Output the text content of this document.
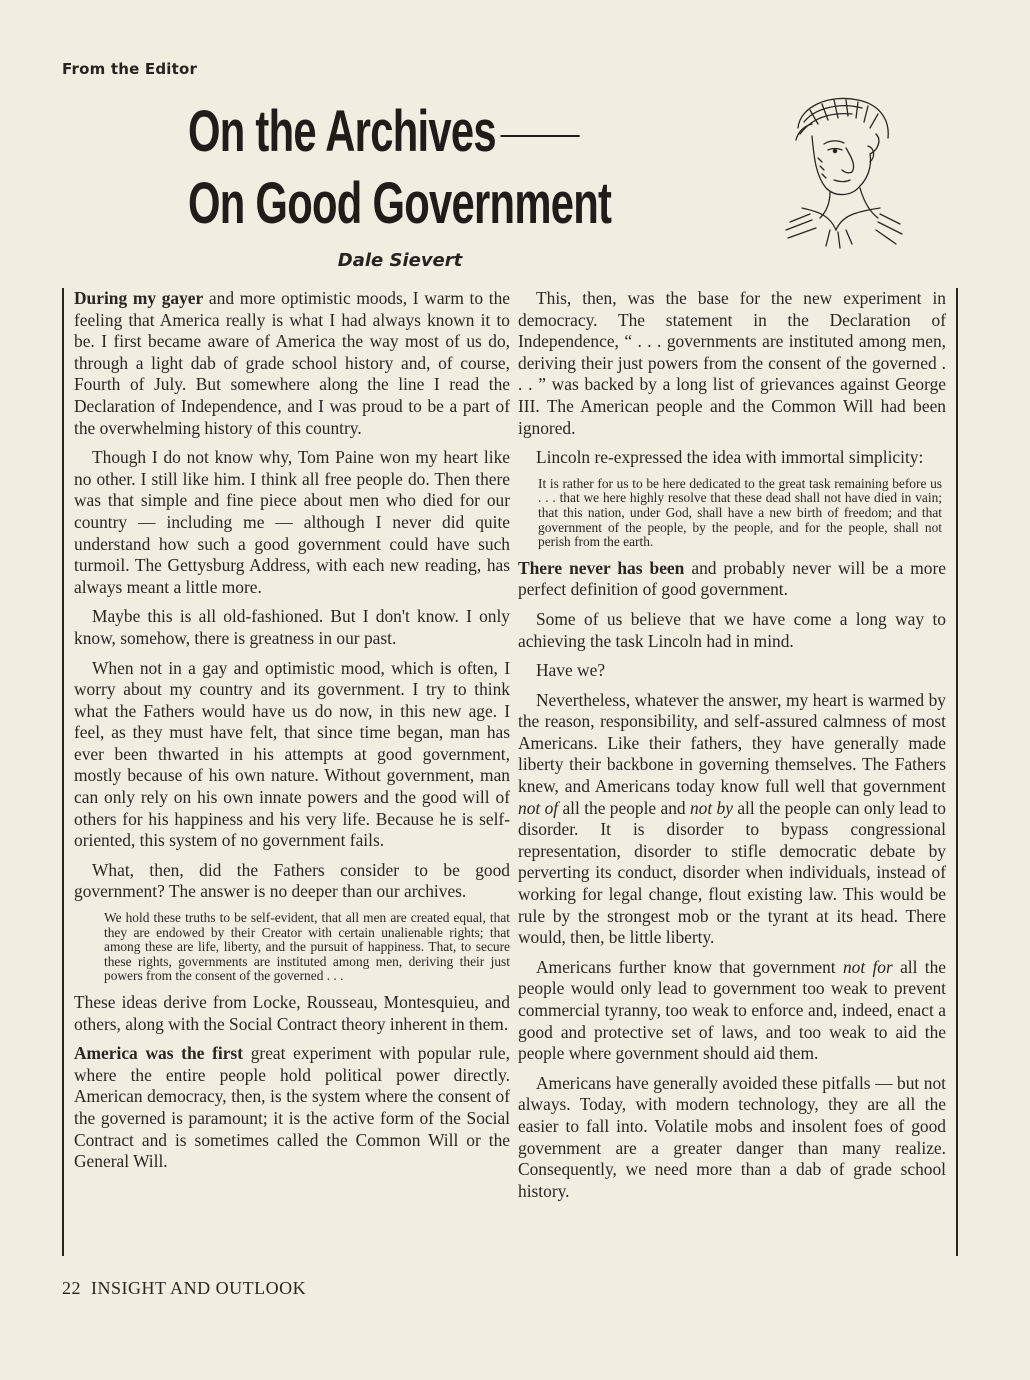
From the Editor
On the Archives
On Good Government
Dale Sievert

During my gayer and more optimistic moods, I warm to the feeling that America really is what I had always known it to be. I first became aware of America the way most of us do, through a light dab of grade school history and, of course, Fourth of July. But somewhere along the line I read the Declaration of Independence, and I was proud to be a part of the overwhelming history of this country.

Though I do not know why, Tom Paine won my heart like no other. I still like him. I think all free people do. Then there was that simple and fine piece about men who died for our country — including me — although I never did quite understand how such a good government could have such turmoil. The Gettysburg Address, with each new reading, has always meant a little more.

Maybe this is all old-fashioned. But I don't know. I only know, somehow, there is greatness in our past.

When not in a gay and optimistic mood, which is often, I worry about my country and its government. I try to think what the Fathers would have us do now, in this new age. I feel, as they must have felt, that since time began, man has ever been thwarted in his attempts at good government, mostly because of his own nature. Without government, man can only rely on his own innate powers and the good will of others for his happiness and his very life. Because he is self-oriented, this system of no government fails.

What, then, did the Fathers consider to be good government? The answer is no deeper than our archives.

We hold these truths to be self-evident, that all men are created equal, that they are endowed by their Creator with certain unalienable rights; that among these are life, liberty, and the pursuit of happiness. That, to secure these rights, governments are instituted among men, deriving their just powers from the consent of the governed . . .

These ideas derive from Locke, Rousseau, Montesquieu, and others, along with the Social Contract theory inherent in them.

America was the first great experiment with popular rule, where the entire people hold political power directly. American democracy, then, is the system where the consent of the governed is paramount; it is the active form of the Social Contract and is sometimes called the Common Will or the General Will.

This, then, was the base for the new experiment in democracy. The statement in the Declaration of Independence, “ . . . governments are instituted among men, deriving their just powers from the consent of the governed . . . ” was backed by a long list of grievances against George III. The American people and the Common Will had been ignored.

Lincoln re-expressed the idea with immortal simplicity:

It is rather for us to be here dedicated to the great task remaining before us . . . that we here highly resolve that these dead shall not have died in vain; that this nation, under God, shall have a new birth of freedom; and that government of the people, by the people, and for the people, shall not perish from the earth.

There never has been and probably never will be a more perfect definition of good government.

Some of us believe that we have come a long way to achieving the task Lincoln had in mind.

Have we?

Nevertheless, whatever the answer, my heart is warmed by the reason, responsibility, and self-assured calmness of most Americans. Like their fathers, they have generally made liberty their backbone in governing themselves. The Fathers knew, and Americans today know full well that government not of all the people and not by all the people can only lead to disorder. It is disorder to bypass congressional representation, disorder to stifle democratic debate by perverting its conduct, disorder when individuals, instead of working for legal change, flout existing law. This would be rule by the strongest mob or the tyrant at its head. There would, then, be little liberty.

Americans further know that government not for all the people would only lead to government too weak to prevent commercial tyranny, too weak to enforce and, indeed, enact a good and protective set of laws, and too weak to aid the people where government should aid them.

Americans have generally avoided these pitfalls — but not always. Today, with modern technology, they are all the easier to fall into. Volatile mobs and insolent foes of good government are a greater danger than many realize. Consequently, we need more than a dab of grade school history.

22  INSIGHT AND OUTLOOK
